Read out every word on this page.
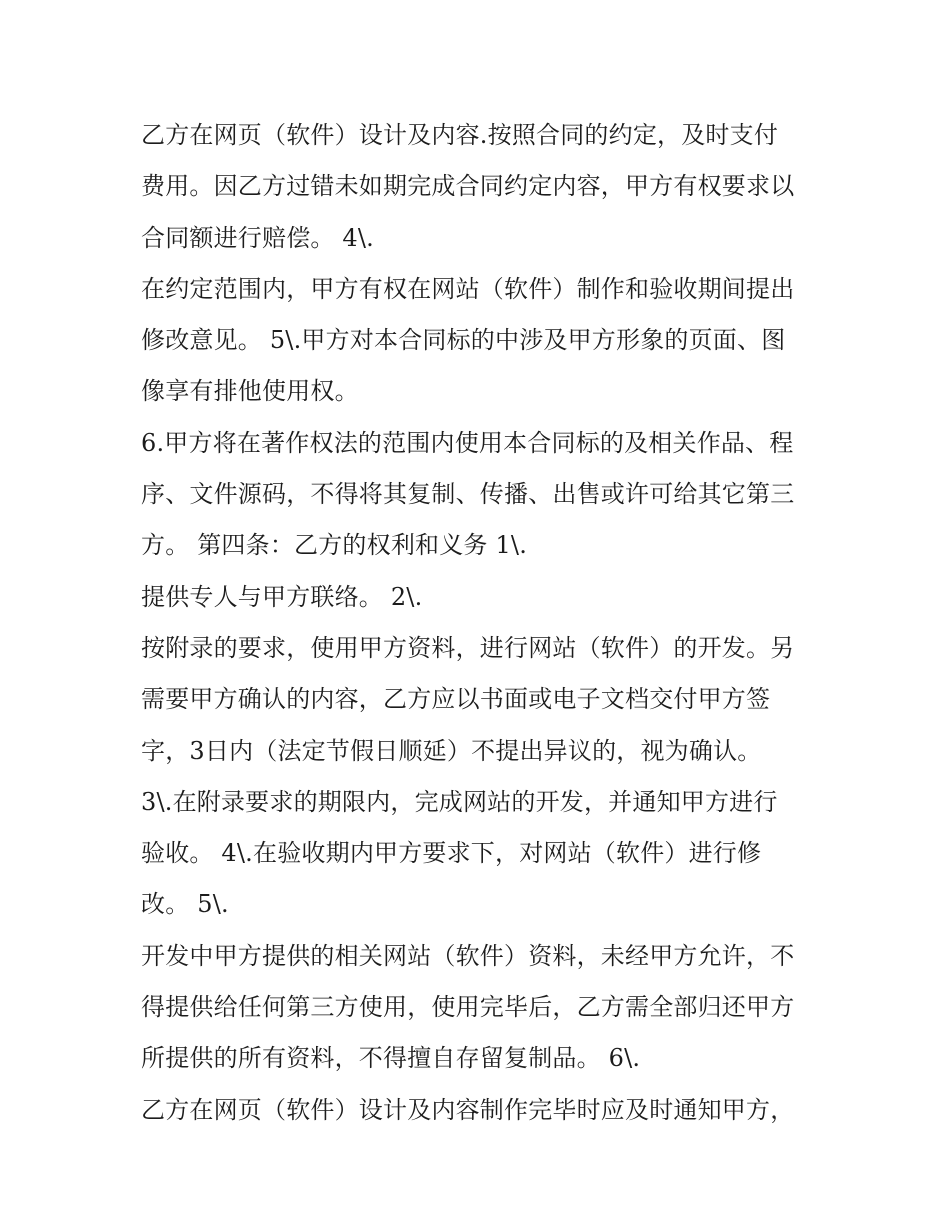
乙方在网页（软件）设计及内容.按照合同的约定，及时支付
费用。因乙方过错未如期完成合同约定内容，甲方有权要求以
合同额进行赔偿。 4\.
在约定范围内，甲方有权在网站（软件）制作和验收期间提出
修改意见。 5\.甲方对本合同标的中涉及甲方形象的页面、图
像享有排他使用权。
6.甲方将在著作权法的范围内使用本合同标的及相关作品、程
序、文件源码，不得将其复制、传播、出售或许可给其它第三
方。 第四条：乙方的权利和义务 1\.
提供专人与甲方联络。 2\.
按附录的要求，使用甲方资料，进行网站（软件）的开发。另
需要甲方确认的内容，乙方应以书面或电子文档交付甲方签
字，3日内（法定节假日顺延）不提出异议的，视为确认。
3\.在附录要求的期限内，完成网站的开发，并通知甲方进行
验收。 4\.在验收期内甲方要求下，对网站（软件）进行修
改。 5\.
开发中甲方提供的相关网站（软件）资料，未经甲方允许，不
得提供给任何第三方使用，使用完毕后，乙方需全部归还甲方
所提供的所有资料，不得擅自存留复制品。 6\.
乙方在网页（软件）设计及内容制作完毕时应及时通知甲方，
